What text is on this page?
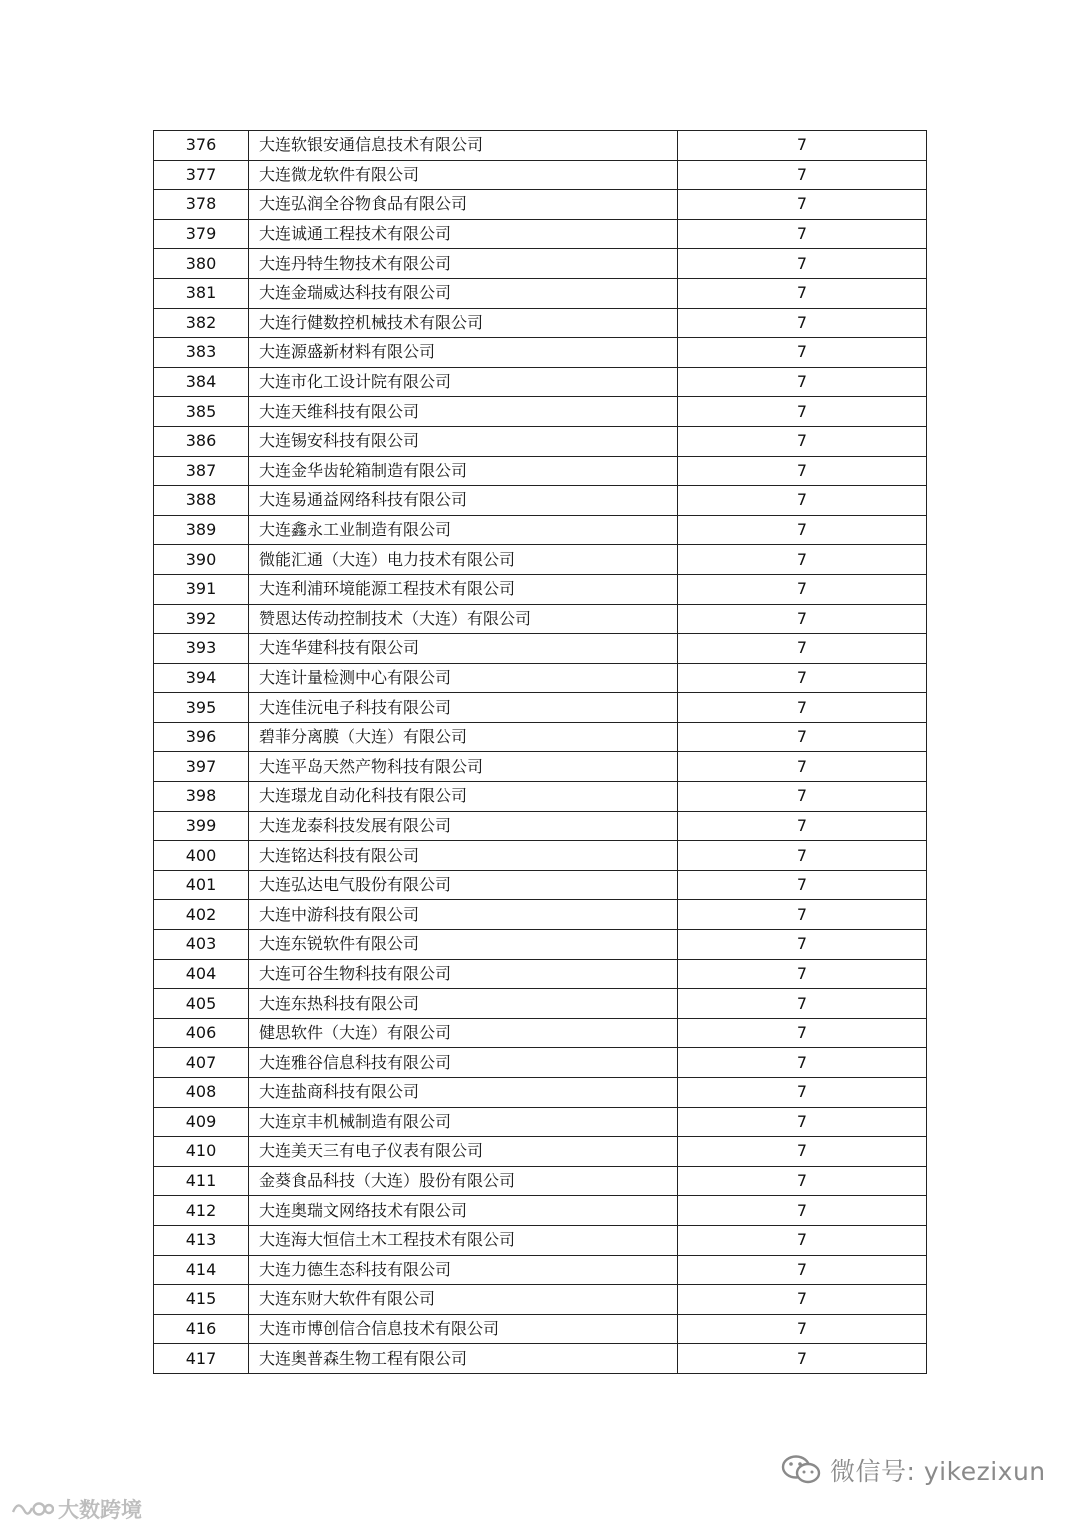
376	大连软银安通信息技术有限公司	7
377	大连微龙软件有限公司	7
378	大连弘润全谷物食品有限公司	7
379	大连诚通工程技术有限公司	7
380	大连丹特生物技术有限公司	7
381	大连金瑞威达科技有限公司	7
382	大连行健数控机械技术有限公司	7
383	大连源盛新材料有限公司	7
384	大连市化工设计院有限公司	7
385	大连天维科技有限公司	7
386	大连锡安科技有限公司	7
387	大连金华齿轮箱制造有限公司	7
388	大连易通益网络科技有限公司	7
389	大连鑫永工业制造有限公司	7
390	微能汇通（大连）电力技术有限公司	7
391	大连利浦环境能源工程技术有限公司	7
392	赞恩达传动控制技术（大连）有限公司	7
393	大连华建科技有限公司	7
394	大连计量检测中心有限公司	7
395	大连佳沅电子科技有限公司	7
396	碧菲分离膜（大连）有限公司	7
397	大连平岛天然产物科技有限公司	7
398	大连璟龙自动化科技有限公司	7
399	大连龙泰科技发展有限公司	7
400	大连铭达科技有限公司	7
401	大连弘达电气股份有限公司	7
402	大连中游科技有限公司	7
403	大连东锐软件有限公司	7
404	大连可谷生物科技有限公司	7
405	大连东热科技有限公司	7
406	健思软件（大连）有限公司	7
407	大连雅谷信息科技有限公司	7
408	大连盐商科技有限公司	7
409	大连京丰机械制造有限公司	7
410	大连美天三有电子仪表有限公司	7
411	金葵食品科技（大连）股份有限公司	7
412	大连奥瑞文网络技术有限公司	7
413	大连海大恒信土木工程技术有限公司	7
414	大连力德生态科技有限公司	7
415	大连东财大软件有限公司	7
416	大连市博创信合信息技术有限公司	7
417	大连奥普森生物工程有限公司	7
微信号: yikezixun
大数跨境
